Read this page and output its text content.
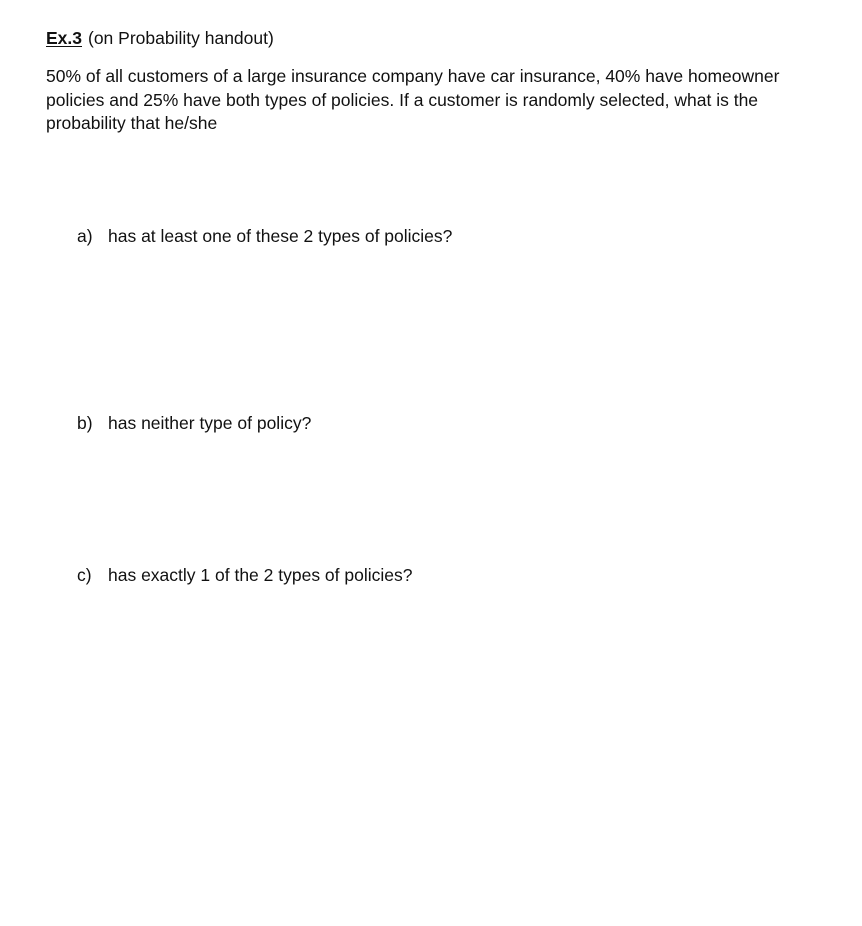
Ex.3 (on Probability handout)
50% of all customers of a large insurance company have car insurance, 40% have homeowner
policies and 25% have both types of policies. If a customer is randomly selected, what is the
probability that he/she
a) has at least one of these 2 types of policies?
b) has neither type of policy?
c) has exactly 1 of the 2 types of policies?
